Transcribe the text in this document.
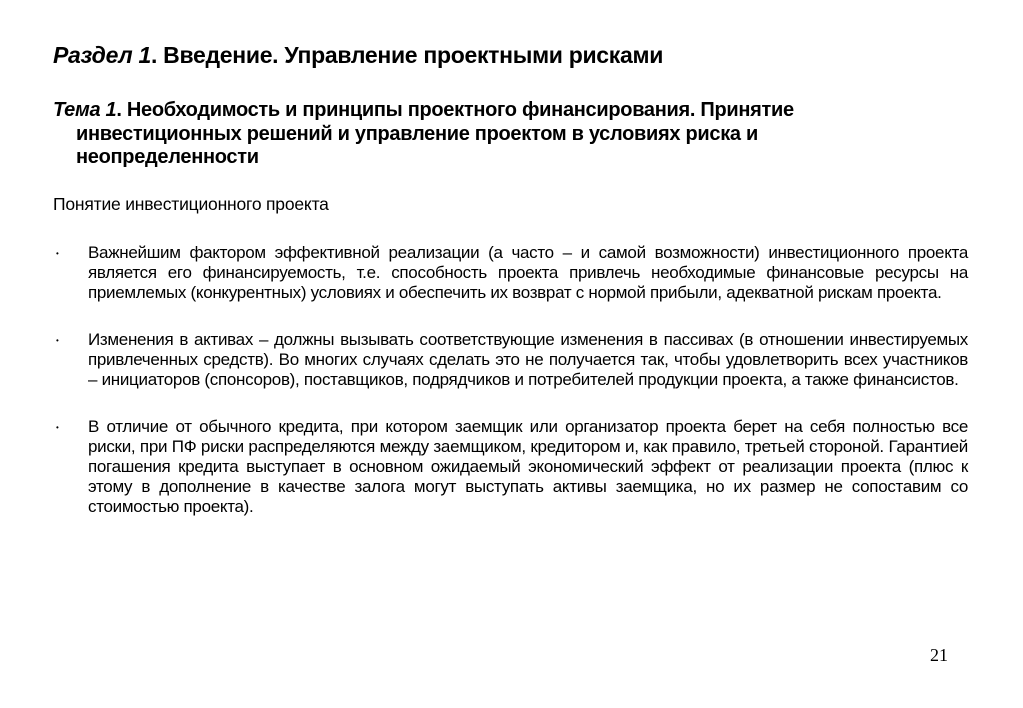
Раздел 1. Введение. Управление проектными рисками
Тема 1. Необходимость и принципы проектного финансирования. Принятие инвестиционных решений и управление проектом в условиях риска и неопределенности
Понятие инвестиционного проекта
•	Важнейшим фактором эффективной реализации (а часто – и самой возможности) инвестиционного проекта является его финансируемость, т.е. способность проекта привлечь необходимые финансовые ресурсы на приемлемых (конкурентных) условиях и обеспечить их возврат с нормой прибыли, адекватной рискам проекта.
•	Изменения в активах – должны вызывать соответствующие изменения в пассивах (в отношении инвестируемых привлеченных средств). Во многих случаях сделать это не получается так, чтобы удовлетворить всех участников – инициаторов (спонсоров), поставщиков, подрядчиков и потребителей продукции проекта, а также финансистов.
•	В отличие от обычного кредита, при котором заемщик или организатор проекта берет на себя полностью все риски, при ПФ риски распределяются между заемщиком, кредитором и, как правило, третьей стороной. Гарантией погашения кредита выступает в основном ожидаемый экономический эффект от реализации проекта (плюс к этому в дополнение в качестве залога могут выступать активы заемщика, но их размер не сопоставим со стоимостью проекта).
21
